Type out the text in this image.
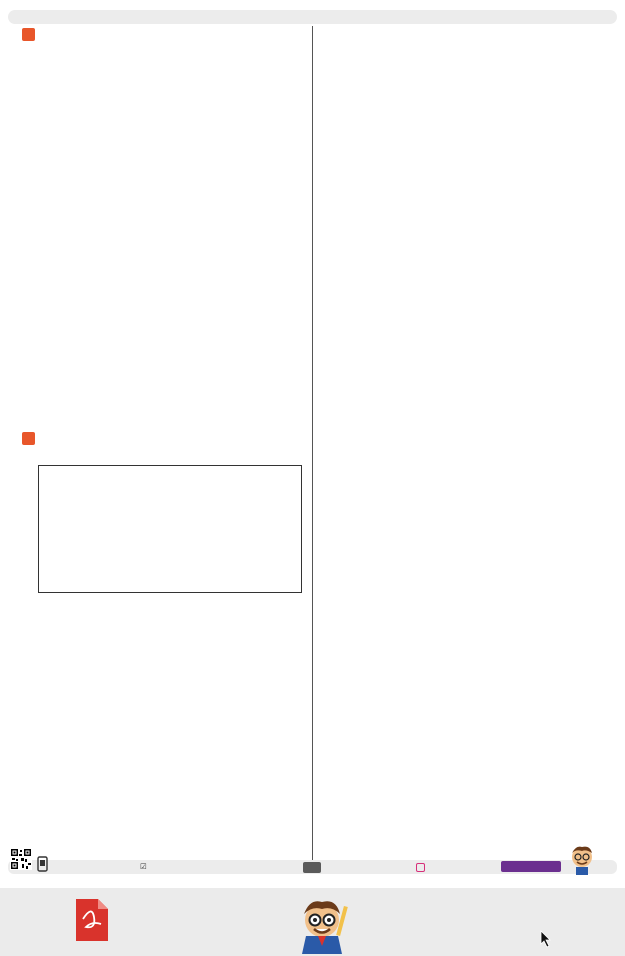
☑
